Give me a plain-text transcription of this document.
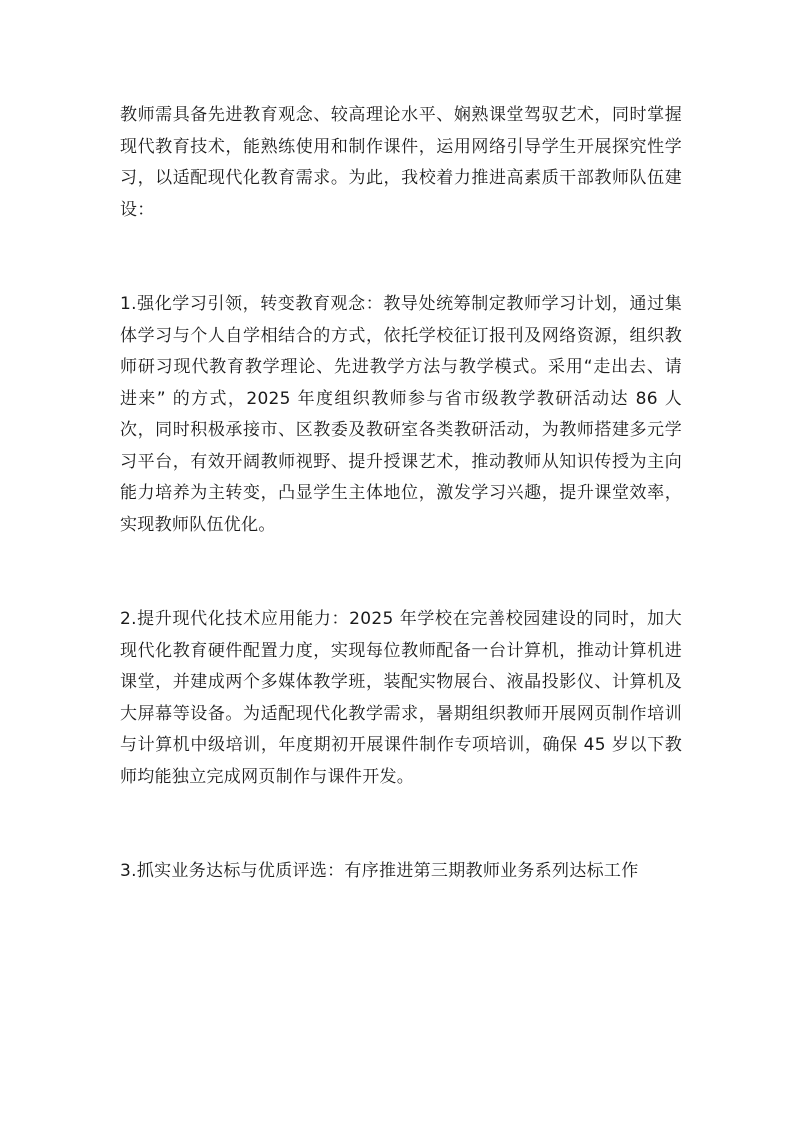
教师需具备先进教育观念、较高理论水平、娴熟课堂驾驭艺术，同时掌握现代教育技术，能熟练使用和制作课件，运用网络引导学生开展探究性学习，以适配现代化教育需求。为此，我校着力推进高素质干部教师队伍建设：

1.强化学习引领，转变教育观念：教导处统筹制定教师学习计划，通过集体学习与个人自学相结合的方式，依托学校征订报刊及网络资源，组织教师研习现代教育教学理论、先进教学方法与教学模式。采用“走出去、请进来” 的方式，2025 年度组织教师参与省市级教学教研活动达 86 人次，同时积极承接市、区教委及教研室各类教研活动，为教师搭建多元学习平台，有效开阔教师视野、提升授课艺术，推动教师从知识传授为主向能力培养为主转变，凸显学生主体地位，激发学习兴趣，提升课堂效率，实现教师队伍优化。

2.提升现代化技术应用能力：2025 年学校在完善校园建设的同时，加大现代化教育硬件配置力度，实现每位教师配备一台计算机，推动计算机进课堂，并建成两个多媒体教学班，装配实物展台、液晶投影仪、计算机及大屏幕等设备。为适配现代化教学需求，暑期组织教师开展网页制作培训与计算机中级培训，年度期初开展课件制作专项培训，确保 45 岁以下教师均能独立完成网页制作与课件开发。

3.抓实业务达标与优质评选：有序推进第三期教师业务系列达标工作
